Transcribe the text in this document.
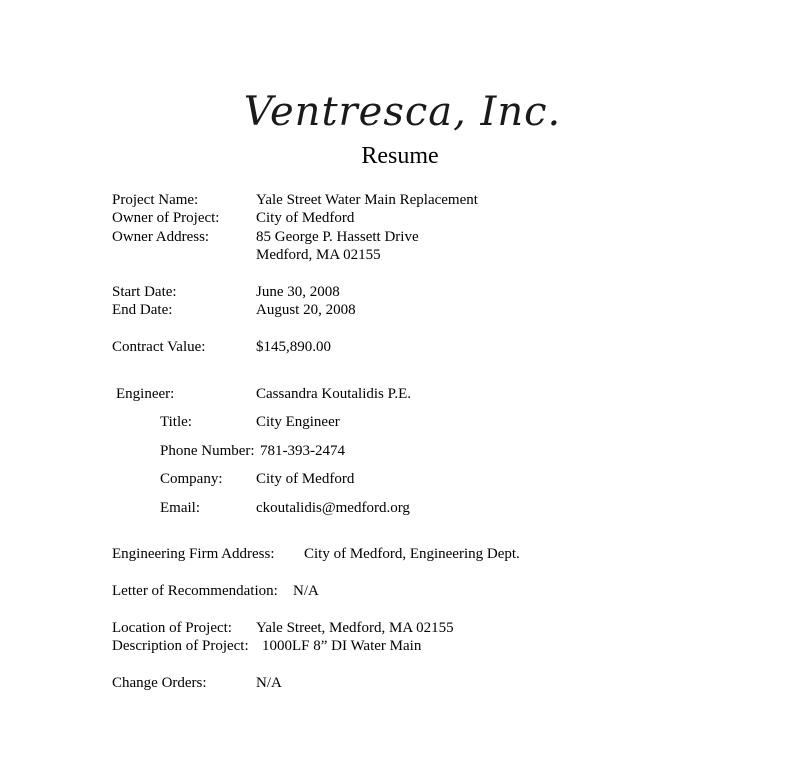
Ventresca, Inc.
Resume
Project Name:	Yale Street Water Main Replacement
Owner of Project: City of Medford
Owner Address:	85 George P. Hassett Drive
Medford, MA 02155
Start Date:	June 30, 2008
End Date:	August 20, 2008
Contract Value:	$145,890.00
Engineer:	Cassandra Koutalidis P.E.
Title:	City Engineer
Phone Number: 781-393-2474
Company: City of Medford
Email:	ckoutalidis@medford.org
Engineering Firm Address: City of Medford, Engineering Dept.
Letter of Recommendation: N/A
Location of Project: Yale Street, Medford, MA 02155
Description of Project: 1000LF 8” DI Water Main
Change Orders:	N/A
